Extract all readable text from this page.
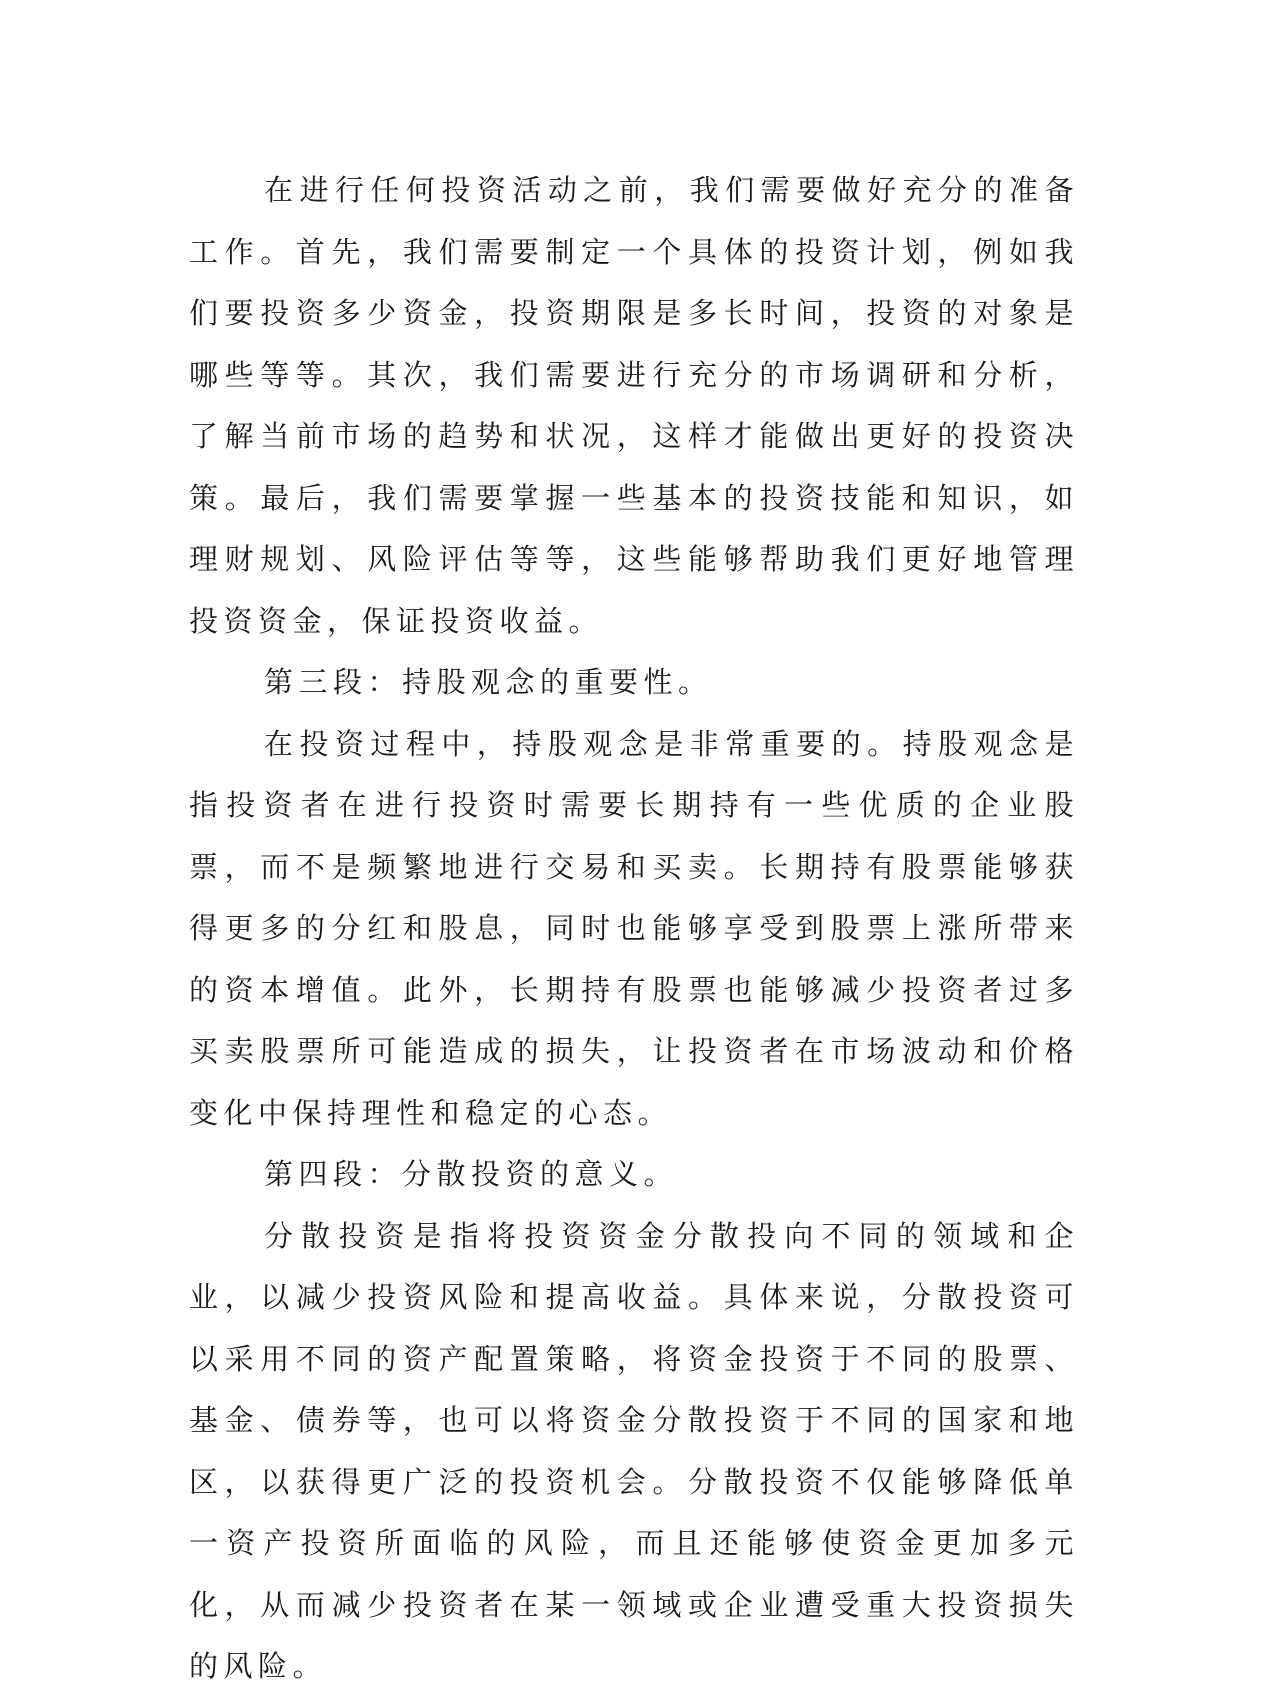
在进行任何投资活动之前，我们需要做好充分的准备工作。首先，我们需要制定一个具体的投资计划，例如我们要投资多少资金，投资期限是多长时间，投资的对象是哪些等等。其次，我们需要进行充分的市场调研和分析，了解当前市场的趋势和状况，这样才能做出更好的投资决策。最后，我们需要掌握一些基本的投资技能和知识，如理财规划、风险评估等等，这些能够帮助我们更好地管理投资资金，保证投资收益。

第三段：持股观念的重要性。

在投资过程中，持股观念是非常重要的。持股观念是指投资者在进行投资时需要长期持有一些优质的企业股票，而不是频繁地进行交易和买卖。长期持有股票能够获得更多的分红和股息，同时也能够享受到股票上涨所带来的资本增值。此外，长期持有股票也能够减少投资者过多买卖股票所可能造成的损失，让投资者在市场波动和价格变化中保持理性和稳定的心态。

第四段：分散投资的意义。

分散投资是指将投资资金分散投向不同的领域和企业，以减少投资风险和提高收益。具体来说，分散投资可以采用不同的资产配置策略，将资金投资于不同的股票、基金、债券等，也可以将资金分散投资于不同的国家和地区，以获得更广泛的投资机会。分散投资不仅能够降低单一资产投资所面临的风险，而且还能够使资金更加多元化，从而减少投资者在某一领域或企业遭受重大投资损失的风险。
